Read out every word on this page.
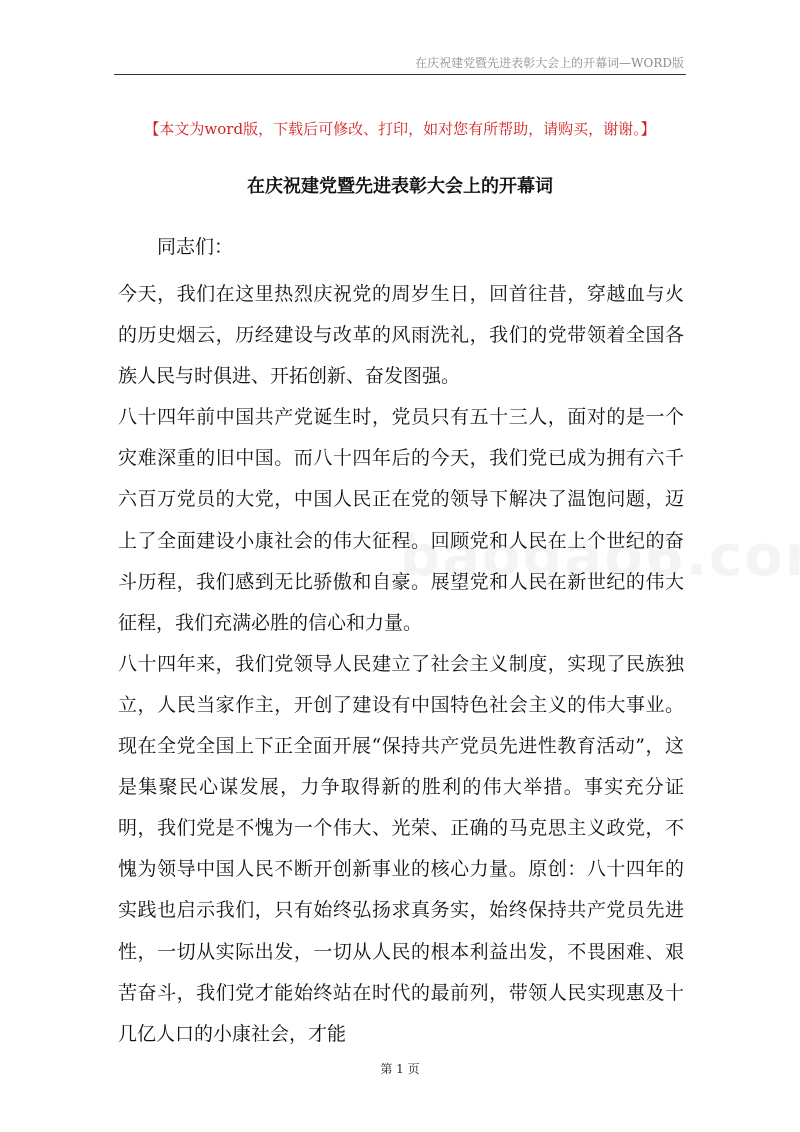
在庆祝建党暨先进表彰大会上的开幕词—WORD版
【本文为word版，下载后可修改、打印，如对您有所帮助，请购买，谢谢。】
在庆祝建党暨先进表彰大会上的开幕词
同志们：

今天，我们在这里热烈庆祝党的周岁生日，回首往昔，穿越血与火的历史烟云，历经建设与改革的风雨洗礼，我们的党带领着全国各族人民与时俱进、开拓创新、奋发图强。

八十四年前中国共产党诞生时，党员只有五十三人，面对的是一个灾难深重的旧中国。而八十四年后的今天，我们党已成为拥有六千六百万党员的大党，中国人民正在党的领导下解决了温饱问题，迈上了全面建设小康社会的伟大征程。回顾党和人民在上个世纪的奋斗历程，我们感到无比骄傲和自豪。展望党和人民在新世纪的伟大征程，我们充满必胜的信心和力量。

八十四年来，我们党领导人民建立了社会主义制度，实现了民族独立，人民当家作主，开创了建设有中国特色社会主义的伟大事业。现在全党全国上下正全面开展“保持共产党员先进性教育活动”，这是集聚民心谋发展，力争取得新的胜利的伟大举措。事实充分证明，我们党是不愧为一个伟大、光荣、正确的马克思主义政党，不愧为领导中国人民不断开创新事业的核心力量。原创：八十四年的实践也启示我们，只有始终弘扬求真务实，始终保持共产党员先进性，一切从实际出发，一切从人民的根本利益出发，不畏困难、艰苦奋斗，我们党才能始终站在时代的最前列，带领人民实现惠及十几亿人口的小康社会，才能

第 1 页
